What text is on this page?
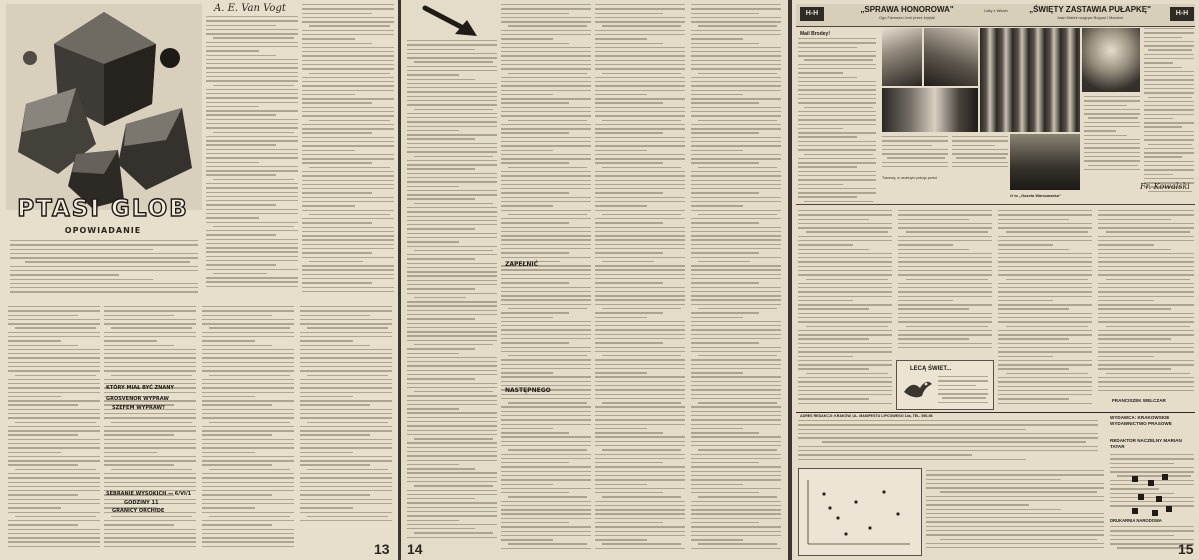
PTASI GLOB
OPOWIADANIE
A. E. Van Vogt
KTÓRY MIAŁ BYĆ ZNANY
GROSVENOR WYPRAW
SZEFEM WYPRAW?
SEBRANIE WYSOKICH — 6/VI/1
GODZINY 11
GRANICY ORCHIDE
13
ZAPEŁNIĆ
NASTĘPNEGO
14
H-H	„SPRAWA HONOROWA"
Ogo Faraona i inni przez krytyki
Listy z Włoch	„ŚWIĘTY ZASTAWIA PUŁAPKĘ"
Joan Marini rozgryw Bogusi i Maurice
H-H
Mail Brodey!
Tracewy, w osobnym pokoju przed
O to „Gazeta Warszawska"
Fr. Kowalski
FRANCISZEK WELCZAR
LECĄ ŚWIET...
ADRES REDAKCJI: KRAKÓW, UL. MANIFESTU LIPCOWEGO 14a, TEL. 550-56	WYDAWCA: KRAKOWSKIE WYDAWNICTWO PRASOWE
REDAKTOR NACZELNY MARIAN TATAR
DRUKARNIA NARODOWA
15
